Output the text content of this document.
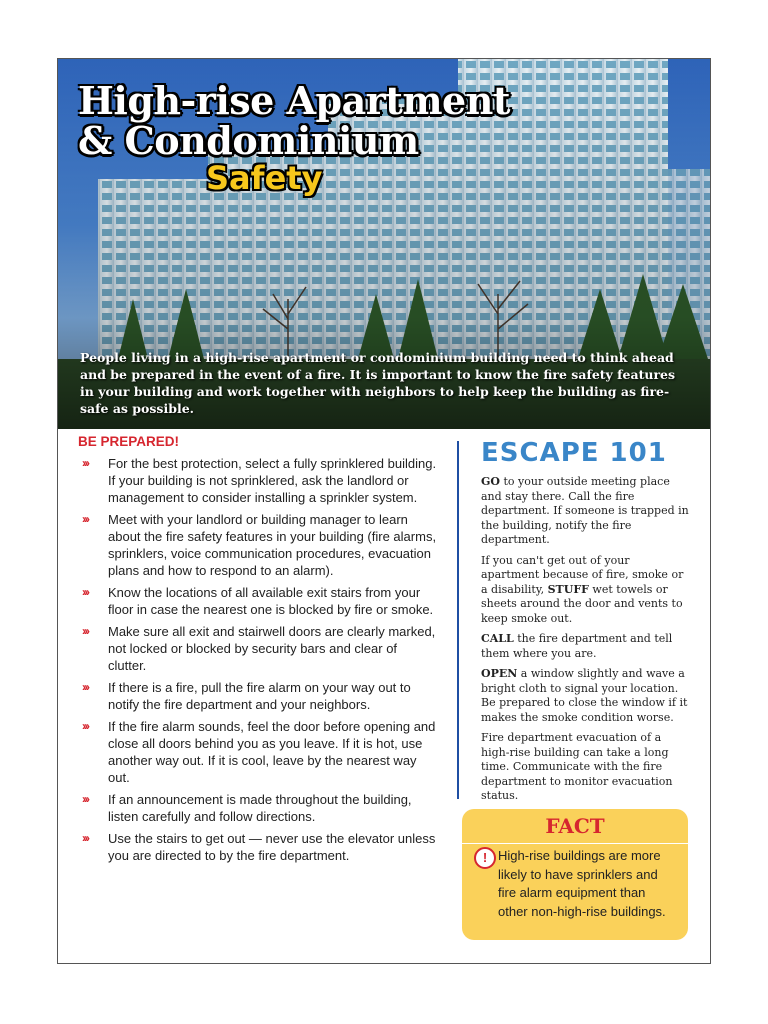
High-rise Apartment
& Condominium
Safety

People living in a high-rise apartment or condominium building need to think ahead and be prepared in the event of a fire. It is important to know the fire safety features in your building and work together with neighbors to help keep the building as fire-safe as possible.

BE PREPARED!
››› For the best protection, select a fully sprinklered building. If your building is not sprinklered, ask the landlord or management to consider installing a sprinkler system.
››› Meet with your landlord or building manager to learn about the fire safety features in your building (fire alarms, sprinklers, voice communication procedures, evacuation plans and how to respond to an alarm).
››› Know the locations of all available exit stairs from your floor in case the nearest one is blocked by fire or smoke.
››› Make sure all exit and stairwell doors are clearly marked, not locked or blocked by security bars and clear of clutter.
››› If there is a fire, pull the fire alarm on your way out to notify the fire department and your neighbors.
››› If the fire alarm sounds, feel the door before opening and close all doors behind you as you leave. If it is hot, use another way out. If it is cool, leave by the nearest way out.
››› If an announcement is made throughout the building, listen carefully and follow directions.
››› Use the stairs to get out — never use the elevator unless you are directed to by the fire department.
ESCAPE 101

GO to your outside meeting place and stay there. Call the fire department. If someone is trapped in the building, notify the fire department.

If you can't get out of your apartment because of fire, smoke or a disability, STUFF wet towels or sheets around the door and vents to keep smoke out.

CALL the fire department and tell them where you are.

OPEN a window slightly and wave a bright cloth to signal your location. Be prepared to close the window if it makes the smoke condition worse.

Fire department evacuation of a high-rise building can take a long time. Communicate with the fire department to monitor evacuation status.

FACT
! High-rise buildings are more likely to have sprinklers and fire alarm equipment than other non-high-rise buildings.
